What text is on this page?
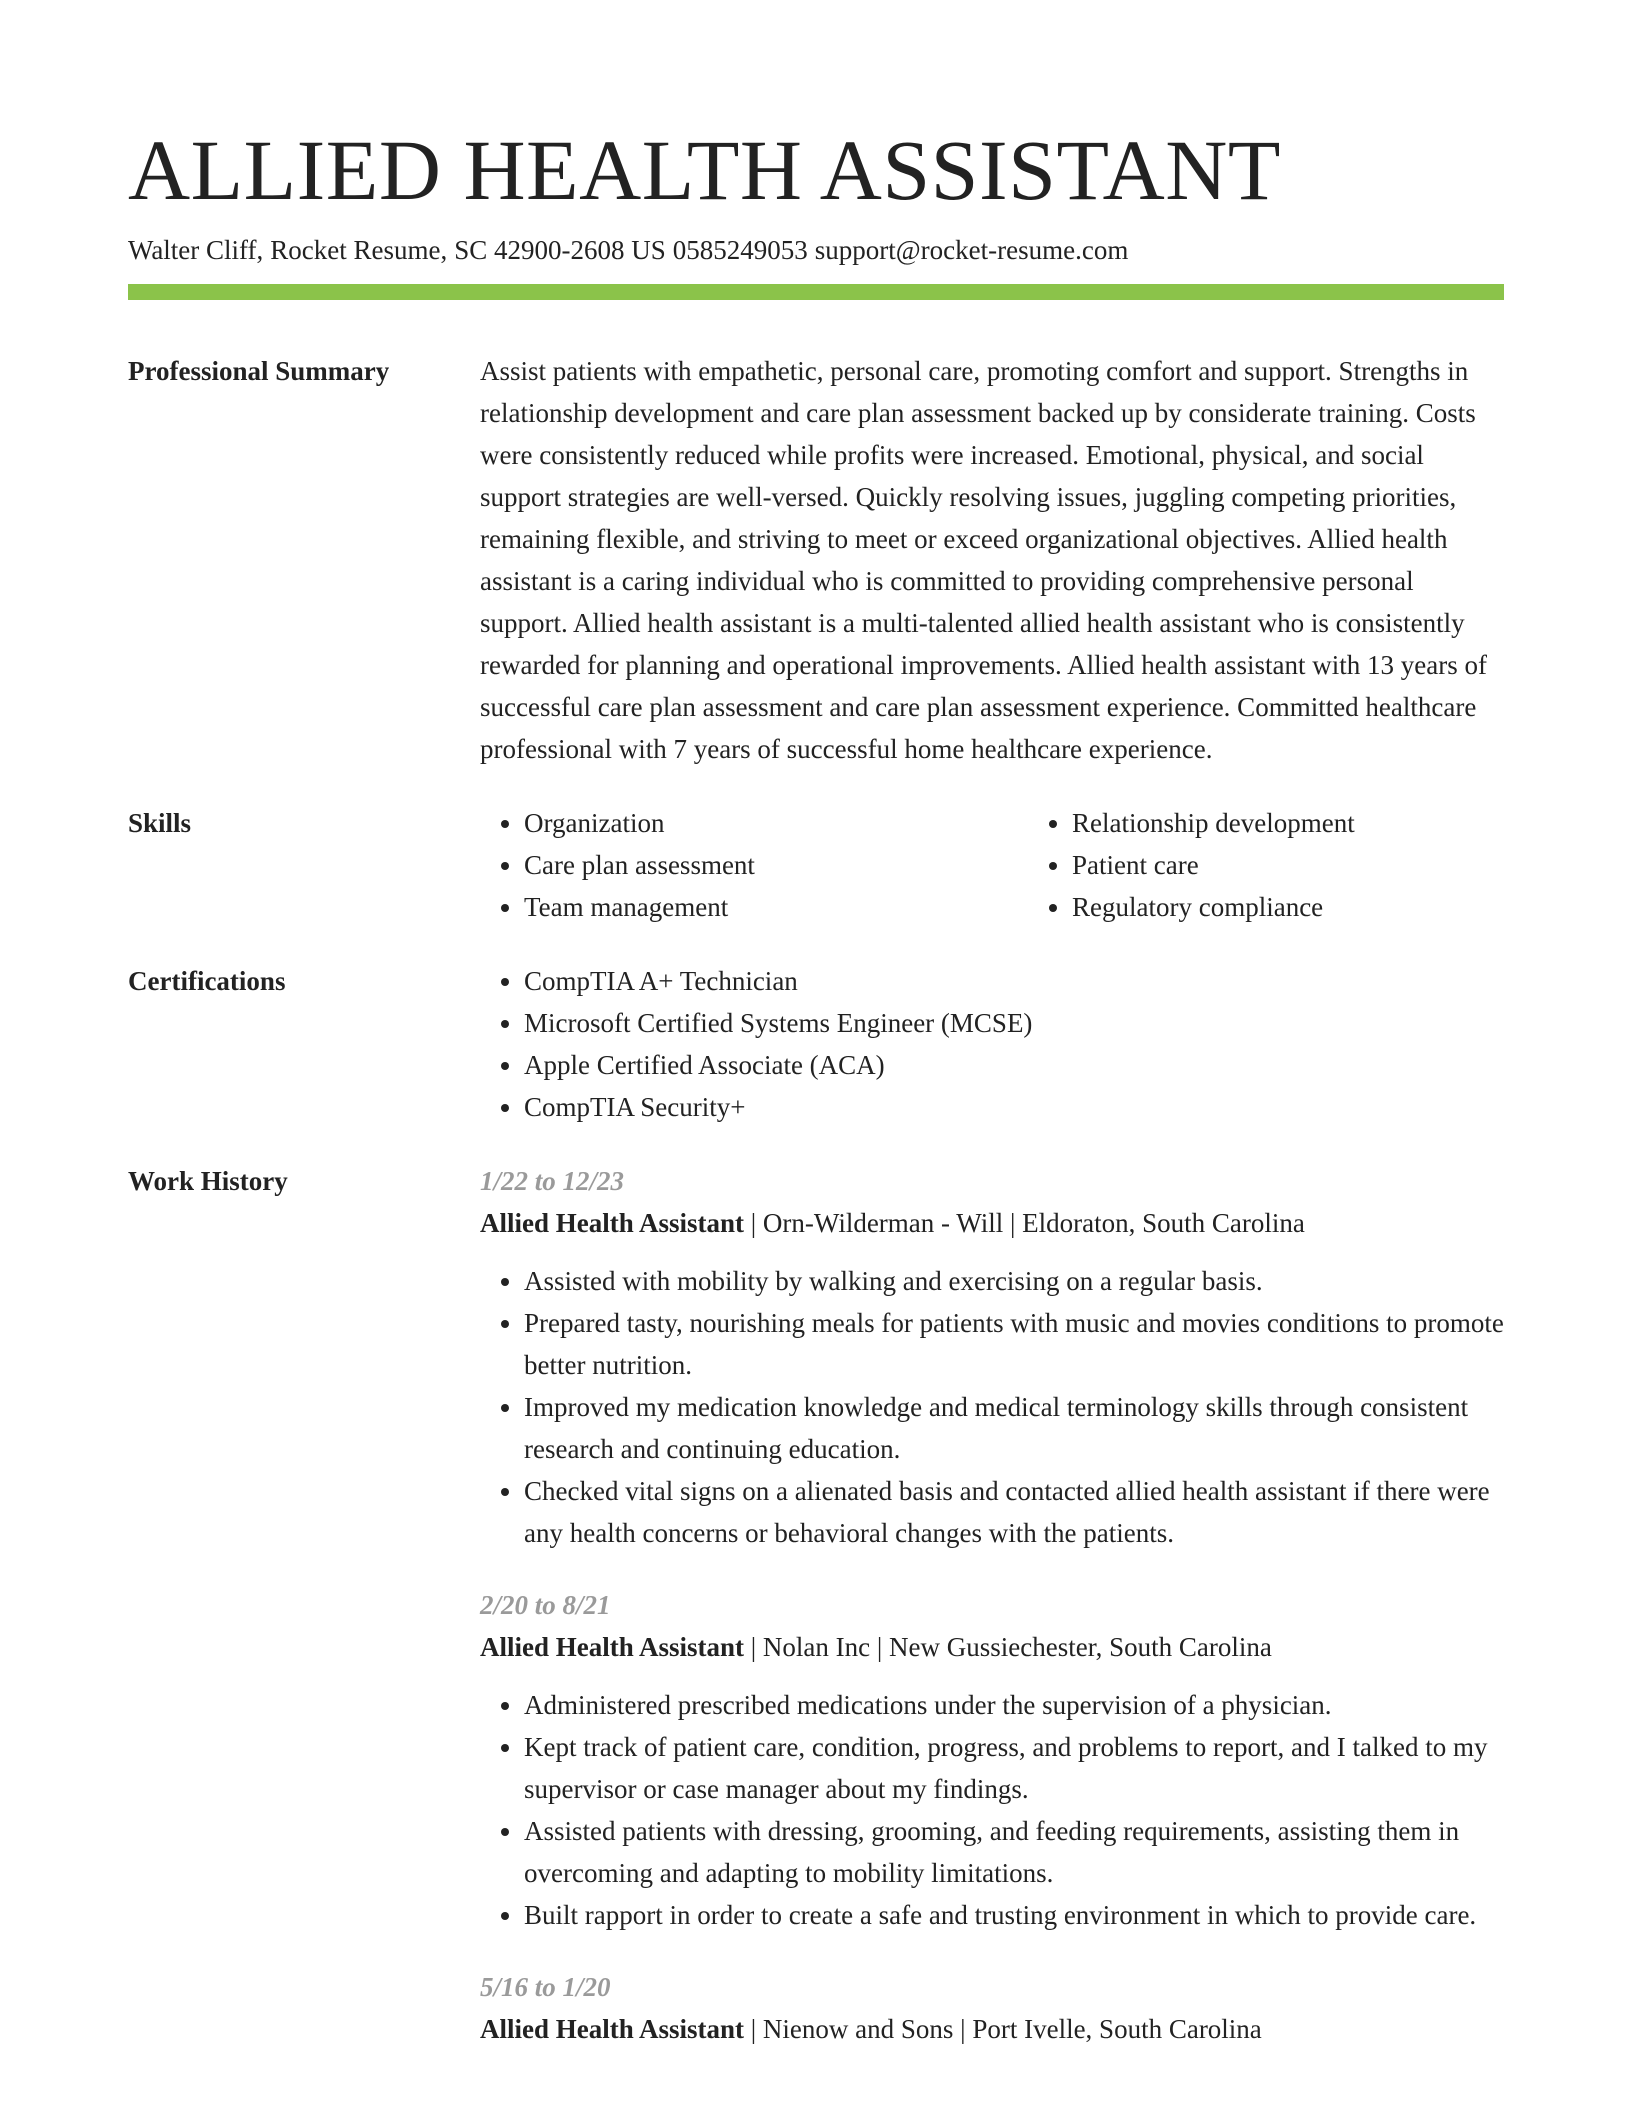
ALLIED HEALTH ASSISTANT
Walter Cliff, Rocket Resume, SC 42900-2608 US 0585249053 support@rocket-resume.com
Professional Summary	Assist patients with empathetic, personal care, promoting comfort and support. Strengths in relationship development and care plan assessment backed up by considerate training. Costs were consistently reduced while profits were increased. Emotional, physical, and social support strategies are well-versed. Quickly resolving issues, juggling competing priorities, remaining flexible, and striving to meet or exceed organizational objectives. Allied health assistant is a caring individual who is committed to providing comprehensive personal support. Allied health assistant is a multi-talented allied health assistant who is consistently rewarded for planning and operational improvements. Allied health assistant with 13 years of successful care plan assessment and care plan assessment experience. Committed healthcare professional with 7 years of successful home healthcare experience.

Skills	• Organization
• Care plan assessment
• Team management
• Relationship development
• Patient care
• Regulatory compliance
Certifications	• CompTIA A+ Technician
• Microsoft Certified Systems Engineer (MCSE)
• Apple Certified Associate (ACA)
• CompTIA Security+
Work History	1/22 to 12/23
Allied Health Assistant | Orn-Wilderman - Will | Eldoraton, South Carolina
• Assisted with mobility by walking and exercising on a regular basis.
• Prepared tasty, nourishing meals for patients with music and movies conditions to promote better nutrition.
• Improved my medication knowledge and medical terminology skills through consistent research and continuing education.
• Checked vital signs on a alienated basis and contacted allied health assistant if there were any health concerns or behavioral changes with the patients.
2/20 to 8/21
Allied Health Assistant | Nolan Inc | New Gussiechester, South Carolina
• Administered prescribed medications under the supervision of a physician.
• Kept track of patient care, condition, progress, and problems to report, and I talked to my supervisor or case manager about my findings.
• Assisted patients with dressing, grooming, and feeding requirements, assisting them in overcoming and adapting to mobility limitations.
• Built rapport in order to create a safe and trusting environment in which to provide care.
5/16 to 1/20
Allied Health Assistant | Nienow and Sons | Port Ivelle, South Carolina
